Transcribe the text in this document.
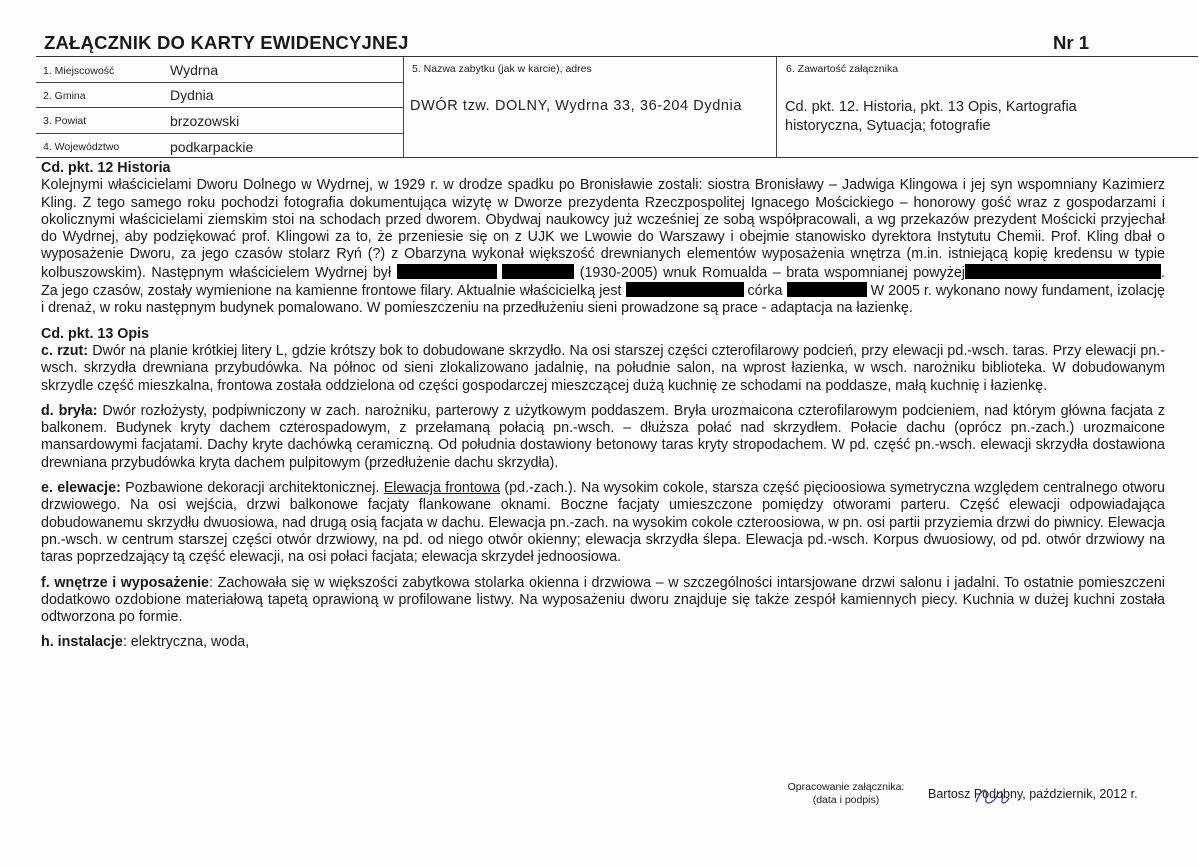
ZAŁĄCZNIK DO KARTY EWIDENCYJNEJ	Nr 1
1. Miejscowość	Wydrna
2. Gmina	Dydnia
3. Powiat	brzozowski
4. Województwo	podkarpackie
5. Nazwa zabytku (jak w karcie), adres
DWÓR tzw. DOLNY, Wydrna 33, 36-204 Dydnia
6. Zawartość załącznika
Cd. pkt. 12. Historia, pkt. 13 Opis, Kartografia historyczna, Sytuacja; fotografie
Cd. pkt. 12 Historia

Kolejnymi właścicielami Dworu Dolnego w Wydrnej, w 1929 r. w drodze spadku po Bronisławie zostali: siostra Bronisławy – Jadwiga Klingowa i jej syn wspomniany Kazimierz Kling. Z tego samego roku pochodzi fotografia dokumentująca wizytę w Dworze prezydenta Rzeczpospolitej Ignacego Mościckiego – honorowy gość wraz z gospodarzami i okolicznymi właścicielami ziemskim stoi na schodach przed dworem. Obydwaj naukowcy już wcześniej ze sobą współpracowali, a wg przekazów prezydent Mościcki przyjechał do Wydrnej, aby podziękować prof. Klingowi za to, że przeniesie się on z UJK we Lwowie do Warszawy i obejmie stanowisko dyrektora Instytutu Chemii. Prof. Kling dbał o wyposażenie Dworu, za jego czasów stolarz Ryń (?) z Obarzyna wykonał większość drewnianych elementów wyposażenia wnętrza (m.in. istniejącą kopię kredensu w typie kolbuszowskim). Następnym właścicielem Wydrnej był	(1930-2005) wnuk Romualda – brata wspomnianej powyżej	. Za jego czasów, zostały wymienione na kamienne frontowe filary. Aktualnie właścicielką jest	córka	W 2005 r. wykonano nowy fundament, izolację i drenaż, w roku następnym budynek pomalowano. W pomieszczeniu na przedłużeniu sieni prowadzone są prace - adaptacja na łazienkę.

Cd. pkt. 13 Opis

c. rzut: Dwór na planie krótkiej litery L, gdzie krótszy bok to dobudowane skrzydło. Na osi starszej części czterofilarowy podcień, przy elewacji pd.-wsch. taras. Przy elewacji pn.-wsch. skrzydła drewniana przybudówka. Na północ od sieni zlokalizowano jadalnię, na południe salon, na wprost łazienka, w wsch. narożniku biblioteka. W dobudowanym skrzydle część mieszkalna, frontowa została oddzielona od części gospodarczej mieszczącej dużą kuchnię ze schodami na poddasze, małą kuchnię i łazienkę.

d. bryła: Dwór rozłożysty, podpiwniczony w zach. narożniku, parterowy z użytkowym poddaszem. Bryła urozmaicona czterofilarowym podcieniem, nad którym główna facjata z balkonem. Budynek kryty dachem czterospadowym, z przełamaną połacią pn.-wsch. – dłuższa połać nad skrzydłem. Połacie dachu (oprócz pn.-zach.) urozmaicone mansardowymi facjatami. Dachy kryte dachówką ceramiczną. Od południa dostawiony betonowy taras kryty stropodachem. W pd. część pn.-wsch. elewacji skrzydła dostawiona drewniana przybudówka kryta dachem pulpitowym (przedłużenie dachu skrzydła).

e. elewacje: Pozbawione dekoracji architektonicznej. Elewacja frontowa (pd.-zach.). Na wysokim cokole, starsza część pięcioosiowa symetryczna względem centralnego otworu drzwiowego. Na osi wejścia, drzwi balkonowe facjaty flankowane oknami. Boczne facjaty umieszczone pomiędzy otworami parteru. Część elewacji odpowiadająca dobudowanemu skrzydłu dwuosiowa, nad drugą osią facjata w dachu. Elewacja pn.-zach. na wysokim cokole czteroosiowa, w pn. osi partii przyziemia drzwi do piwnicy. Elewacja pn.-wsch. w centrum starszej części otwór drzwiowy, na pd. od niego otwór okienny; elewacja skrzydła ślepa. Elewacja pd.-wsch. Korpus dwuosiowy, od pd. otwór drzwiowy na taras poprzedzający tą część elewacji, na osi połaci facjata; elewacja skrzydeł jednoosiowa.

f. wnętrze i wyposażenie: Zachowała się w większości zabytkowa stolarka okienna i drzwiowa – w szczególności intarsjowane drzwi salonu i jadalni. To ostatnie pomieszczeni dodatkowo ozdobione materiałową tapetą oprawioną w profilowane listwy. Na wyposażeniu dworu znajduje się także zespół kamiennych piecy. Kuchnia w dużej kuchni została odtworzona po formie.

h. instalacje: elektryczna, woda,

Opracowanie załącznika: (data i podpis)	Bartosz Podubny, październik, 2012 r.
